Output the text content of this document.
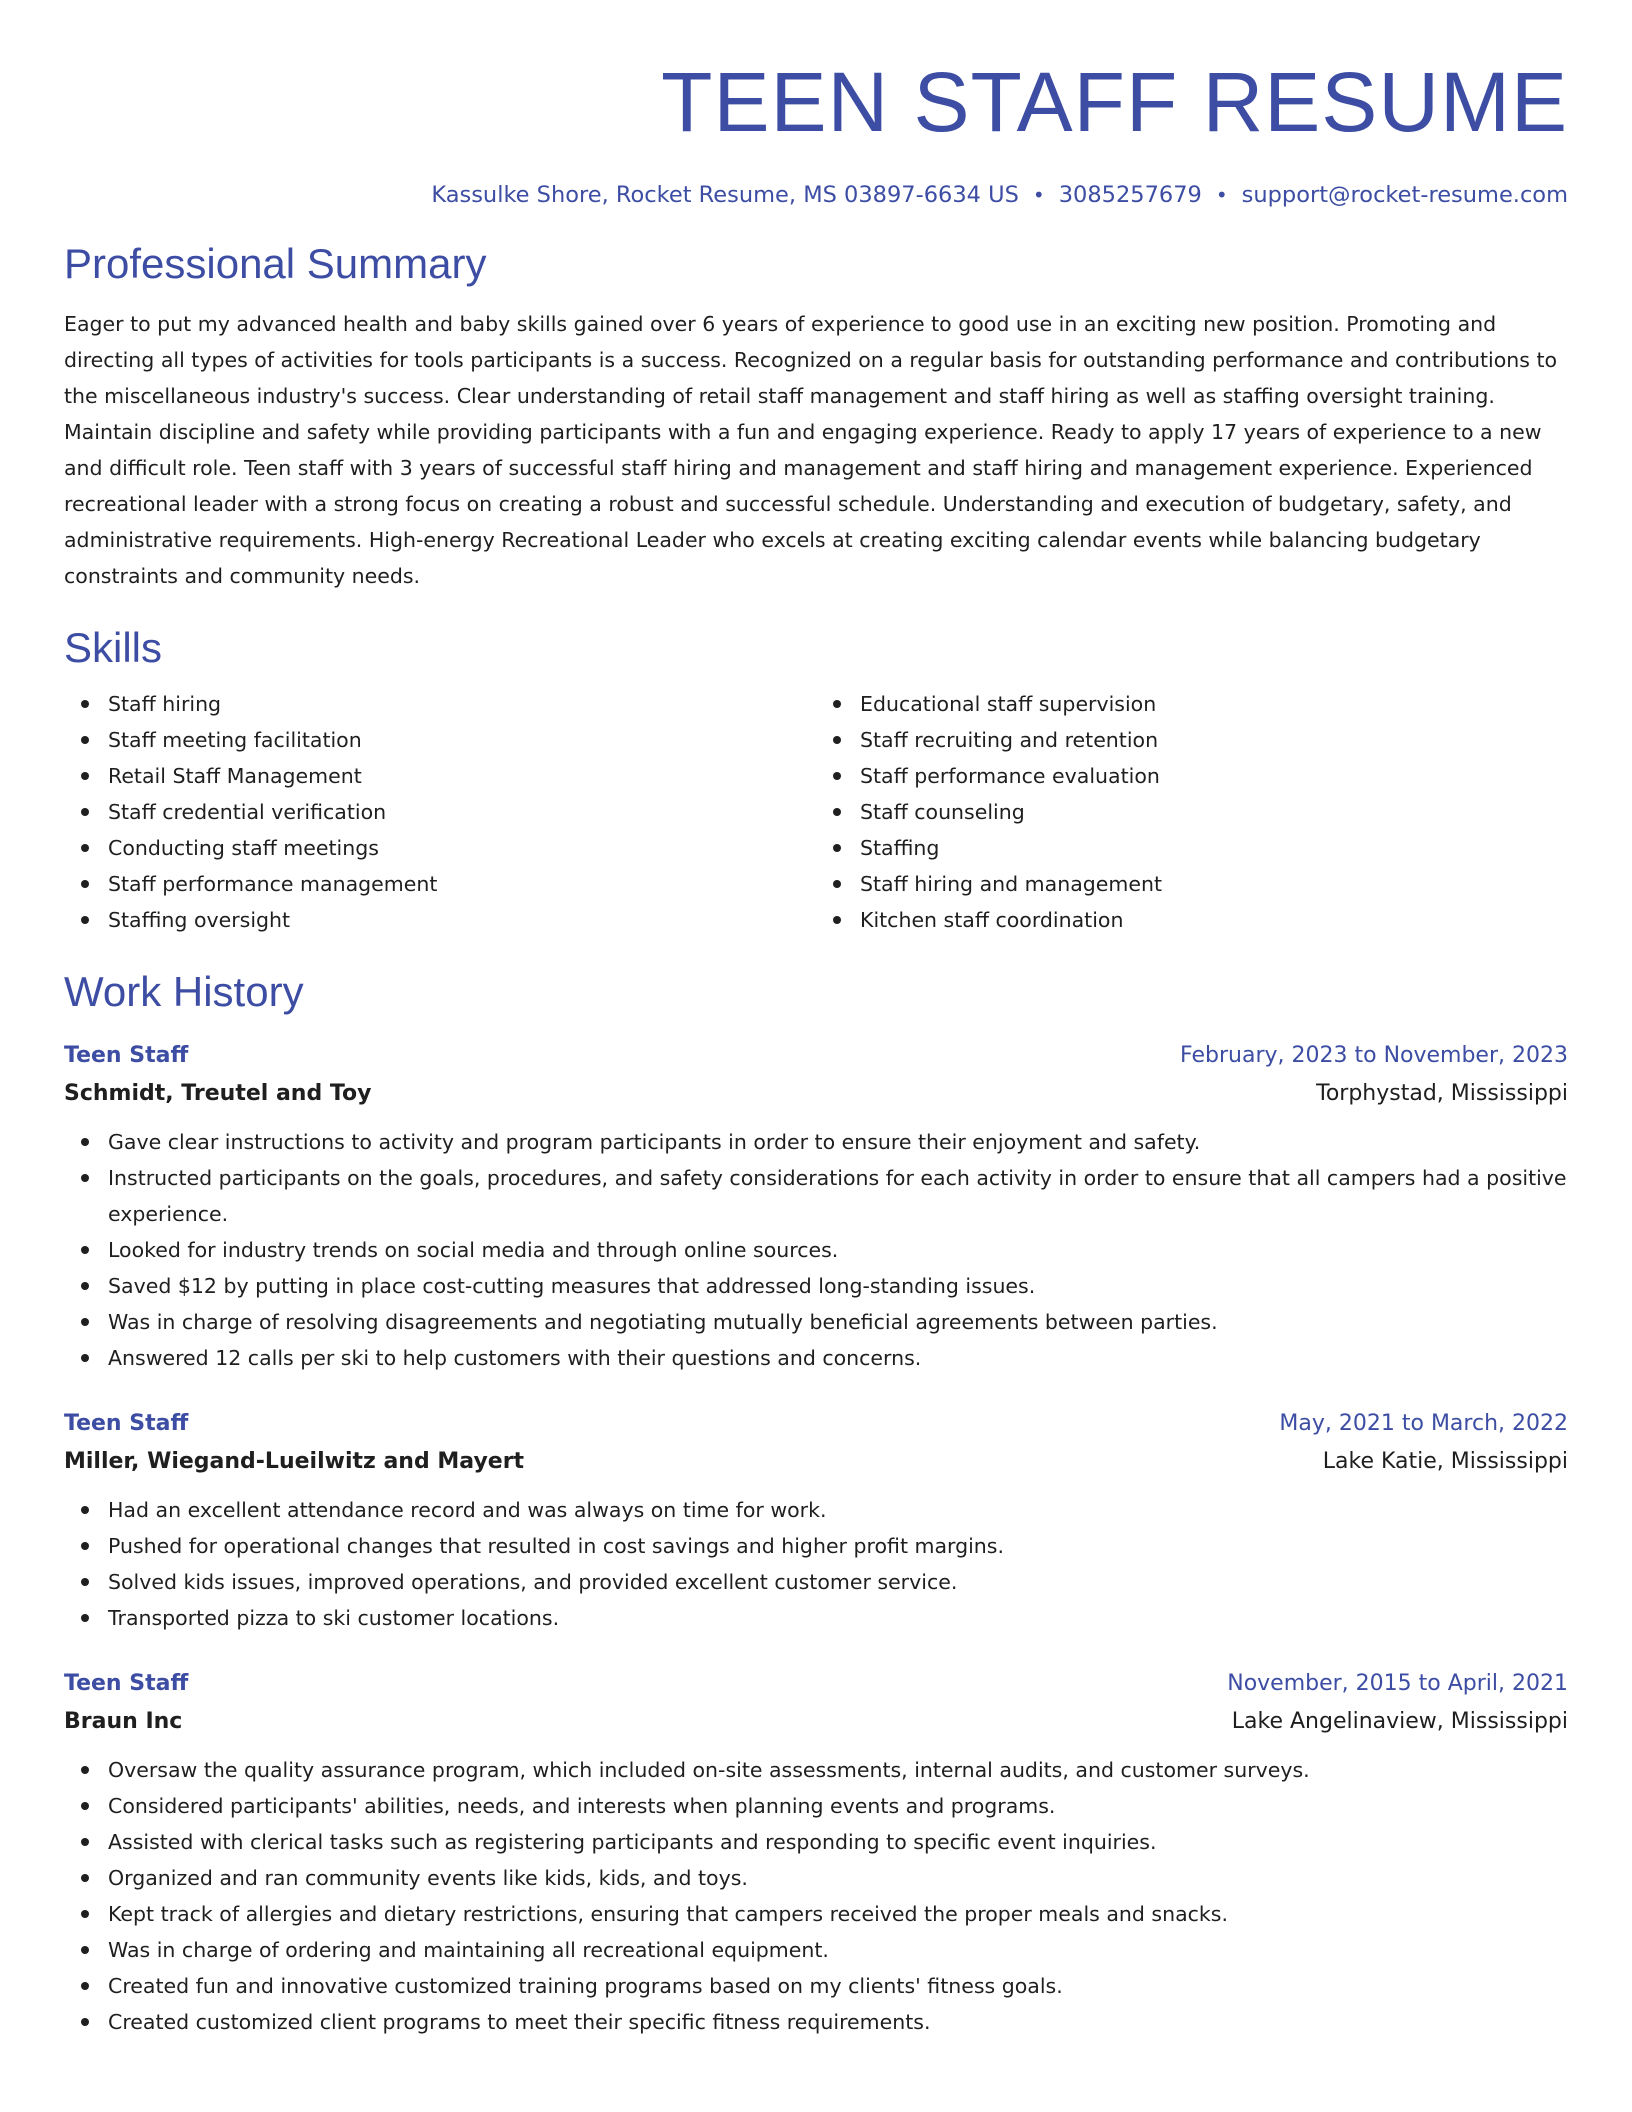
TEEN STAFF RESUME
Kassulke Shore, Rocket Resume, MS 03897-6634 US • 3085257679 • support@rocket-resume.com
Professional Summary
Eager to put my advanced health and baby skills gained over 6 years of experience to good use in an exciting new position. Promoting and directing all types of activities for tools participants is a success. Recognized on a regular basis for outstanding performance and contributions to the miscellaneous industry's success. Clear understanding of retail staff management and staff hiring as well as staffing oversight training. Maintain discipline and safety while providing participants with a fun and engaging experience. Ready to apply 17 years of experience to a new and difficult role. Teen staff with 3 years of successful staff hiring and management and staff hiring and management experience. Experienced recreational leader with a strong focus on creating a robust and successful schedule. Understanding and execution of budgetary, safety, and administrative requirements. High-energy Recreational Leader who excels at creating exciting calendar events while balancing budgetary constraints and community needs.
Skills
Staff hiring
Staff meeting facilitation
Retail Staff Management
Staff credential verification
Conducting staff meetings
Staff performance management
Staffing oversight
Educational staff supervision
Staff recruiting and retention
Staff performance evaluation
Staff counseling
Staffing
Staff hiring and management
Kitchen staff coordination
Work History
Teen Staff	February, 2023 to November, 2023
Schmidt, Treutel and Toy	Torphystad, Mississippi
Gave clear instructions to activity and program participants in order to ensure their enjoyment and safety.
Instructed participants on the goals, procedures, and safety considerations for each activity in order to ensure that all campers had a positive experience.
Looked for industry trends on social media and through online sources.
Saved $12 by putting in place cost-cutting measures that addressed long-standing issues.
Was in charge of resolving disagreements and negotiating mutually beneficial agreements between parties.
Answered 12 calls per ski to help customers with their questions and concerns.
Teen Staff	May, 2021 to March, 2022
Miller, Wiegand-Lueilwitz and Mayert	Lake Katie, Mississippi
Had an excellent attendance record and was always on time for work.
Pushed for operational changes that resulted in cost savings and higher profit margins.
Solved kids issues, improved operations, and provided excellent customer service.
Transported pizza to ski customer locations.
Teen Staff	November, 2015 to April, 2021
Braun Inc	Lake Angelinaview, Mississippi
Oversaw the quality assurance program, which included on-site assessments, internal audits, and customer surveys.
Considered participants' abilities, needs, and interests when planning events and programs.
Assisted with clerical tasks such as registering participants and responding to specific event inquiries.
Organized and ran community events like kids, kids, and toys.
Kept track of allergies and dietary restrictions, ensuring that campers received the proper meals and snacks.
Was in charge of ordering and maintaining all recreational equipment.
Created fun and innovative customized training programs based on my clients' fitness goals.
Created customized client programs to meet their specific fitness requirements.
